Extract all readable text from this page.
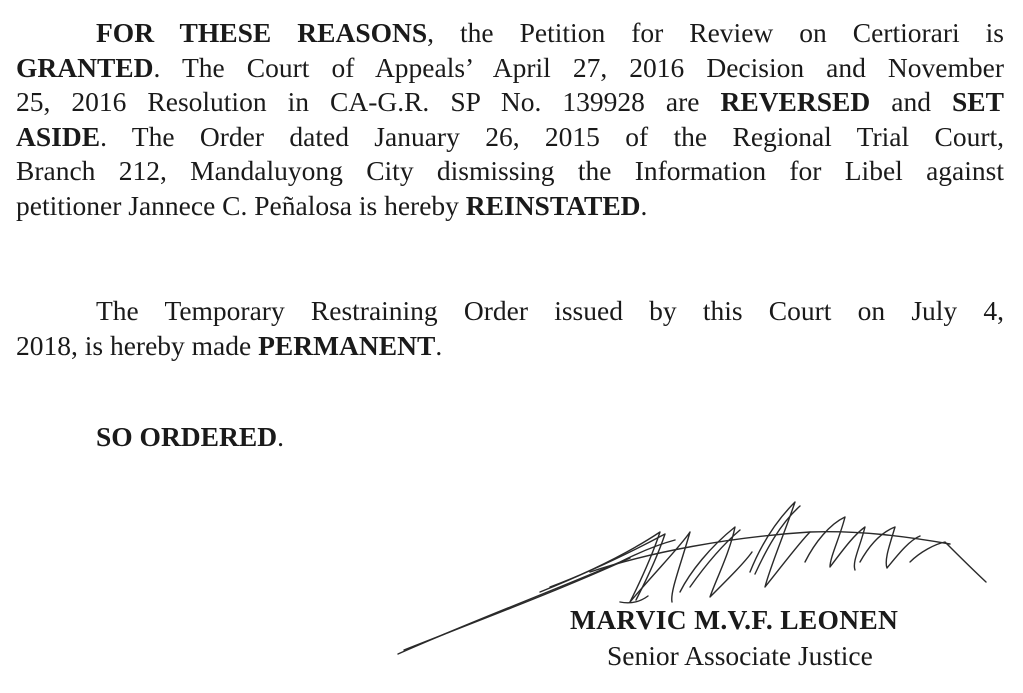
FOR THESE REASONS, the Petition for Review on Certiorari is
GRANTED. The Court of Appeals’ April 27, 2016 Decision and November
25, 2016 Resolution in CA-G.R. SP No. 139928 are REVERSED and SET
ASIDE. The Order dated January 26, 2015 of the Regional Trial Court,
Branch 212, Mandaluyong City dismissing the Information for Libel against
petitioner Jannece C. Peñalosa is hereby REINSTATED.
The Temporary Restraining Order issued by this Court on July 4,
2018, is hereby made PERMANENT.
SO ORDERED.
MARVIC M.V.F. LEONEN
Senior Associate Justice
